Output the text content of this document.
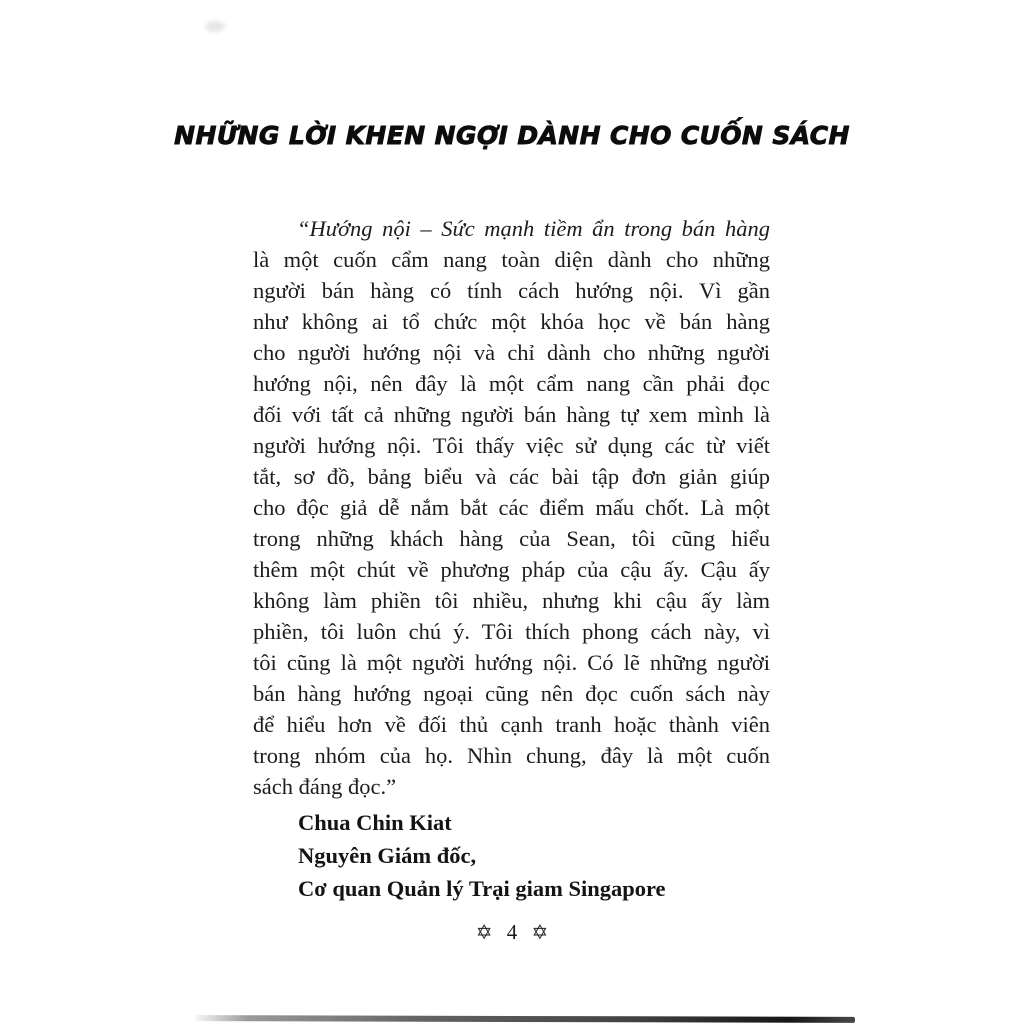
NHỮNG LỜI KHEN NGỢI DÀNH CHO CUỐN SÁCH
“Hướng nội – Sức mạnh tiềm ẩn trong bán hàng
là một cuốn cẩm nang toàn diện dành cho những
người bán hàng có tính cách hướng nội. Vì gần
như không ai tổ chức một khóa học về bán hàng
cho người hướng nội và chỉ dành cho những người
hướng nội, nên đây là một cẩm nang cần phải đọc
đối với tất cả những người bán hàng tự xem mình là
người hướng nội. Tôi thấy việc sử dụng các từ viết
tắt, sơ đồ, bảng biểu và các bài tập đơn giản giúp
cho độc giả dễ nắm bắt các điểm mấu chốt. Là một
trong những khách hàng của Sean, tôi cũng hiểu
thêm một chút về phương pháp của cậu ấy. Cậu ấy
không làm phiền tôi nhiều, nhưng khi cậu ấy làm
phiền, tôi luôn chú ý. Tôi thích phong cách này, vì
tôi cũng là một người hướng nội. Có lẽ những người
bán hàng hướng ngoại cũng nên đọc cuốn sách này
để hiểu hơn về đối thủ cạnh tranh hoặc thành viên
trong nhóm của họ. Nhìn chung, đây là một cuốn
sách đáng đọc.”
Chua Chin Kiat
Nguyên Giám đốc,
Cơ quan Quản lý Trại giam Singapore
✡ 4 ✡
